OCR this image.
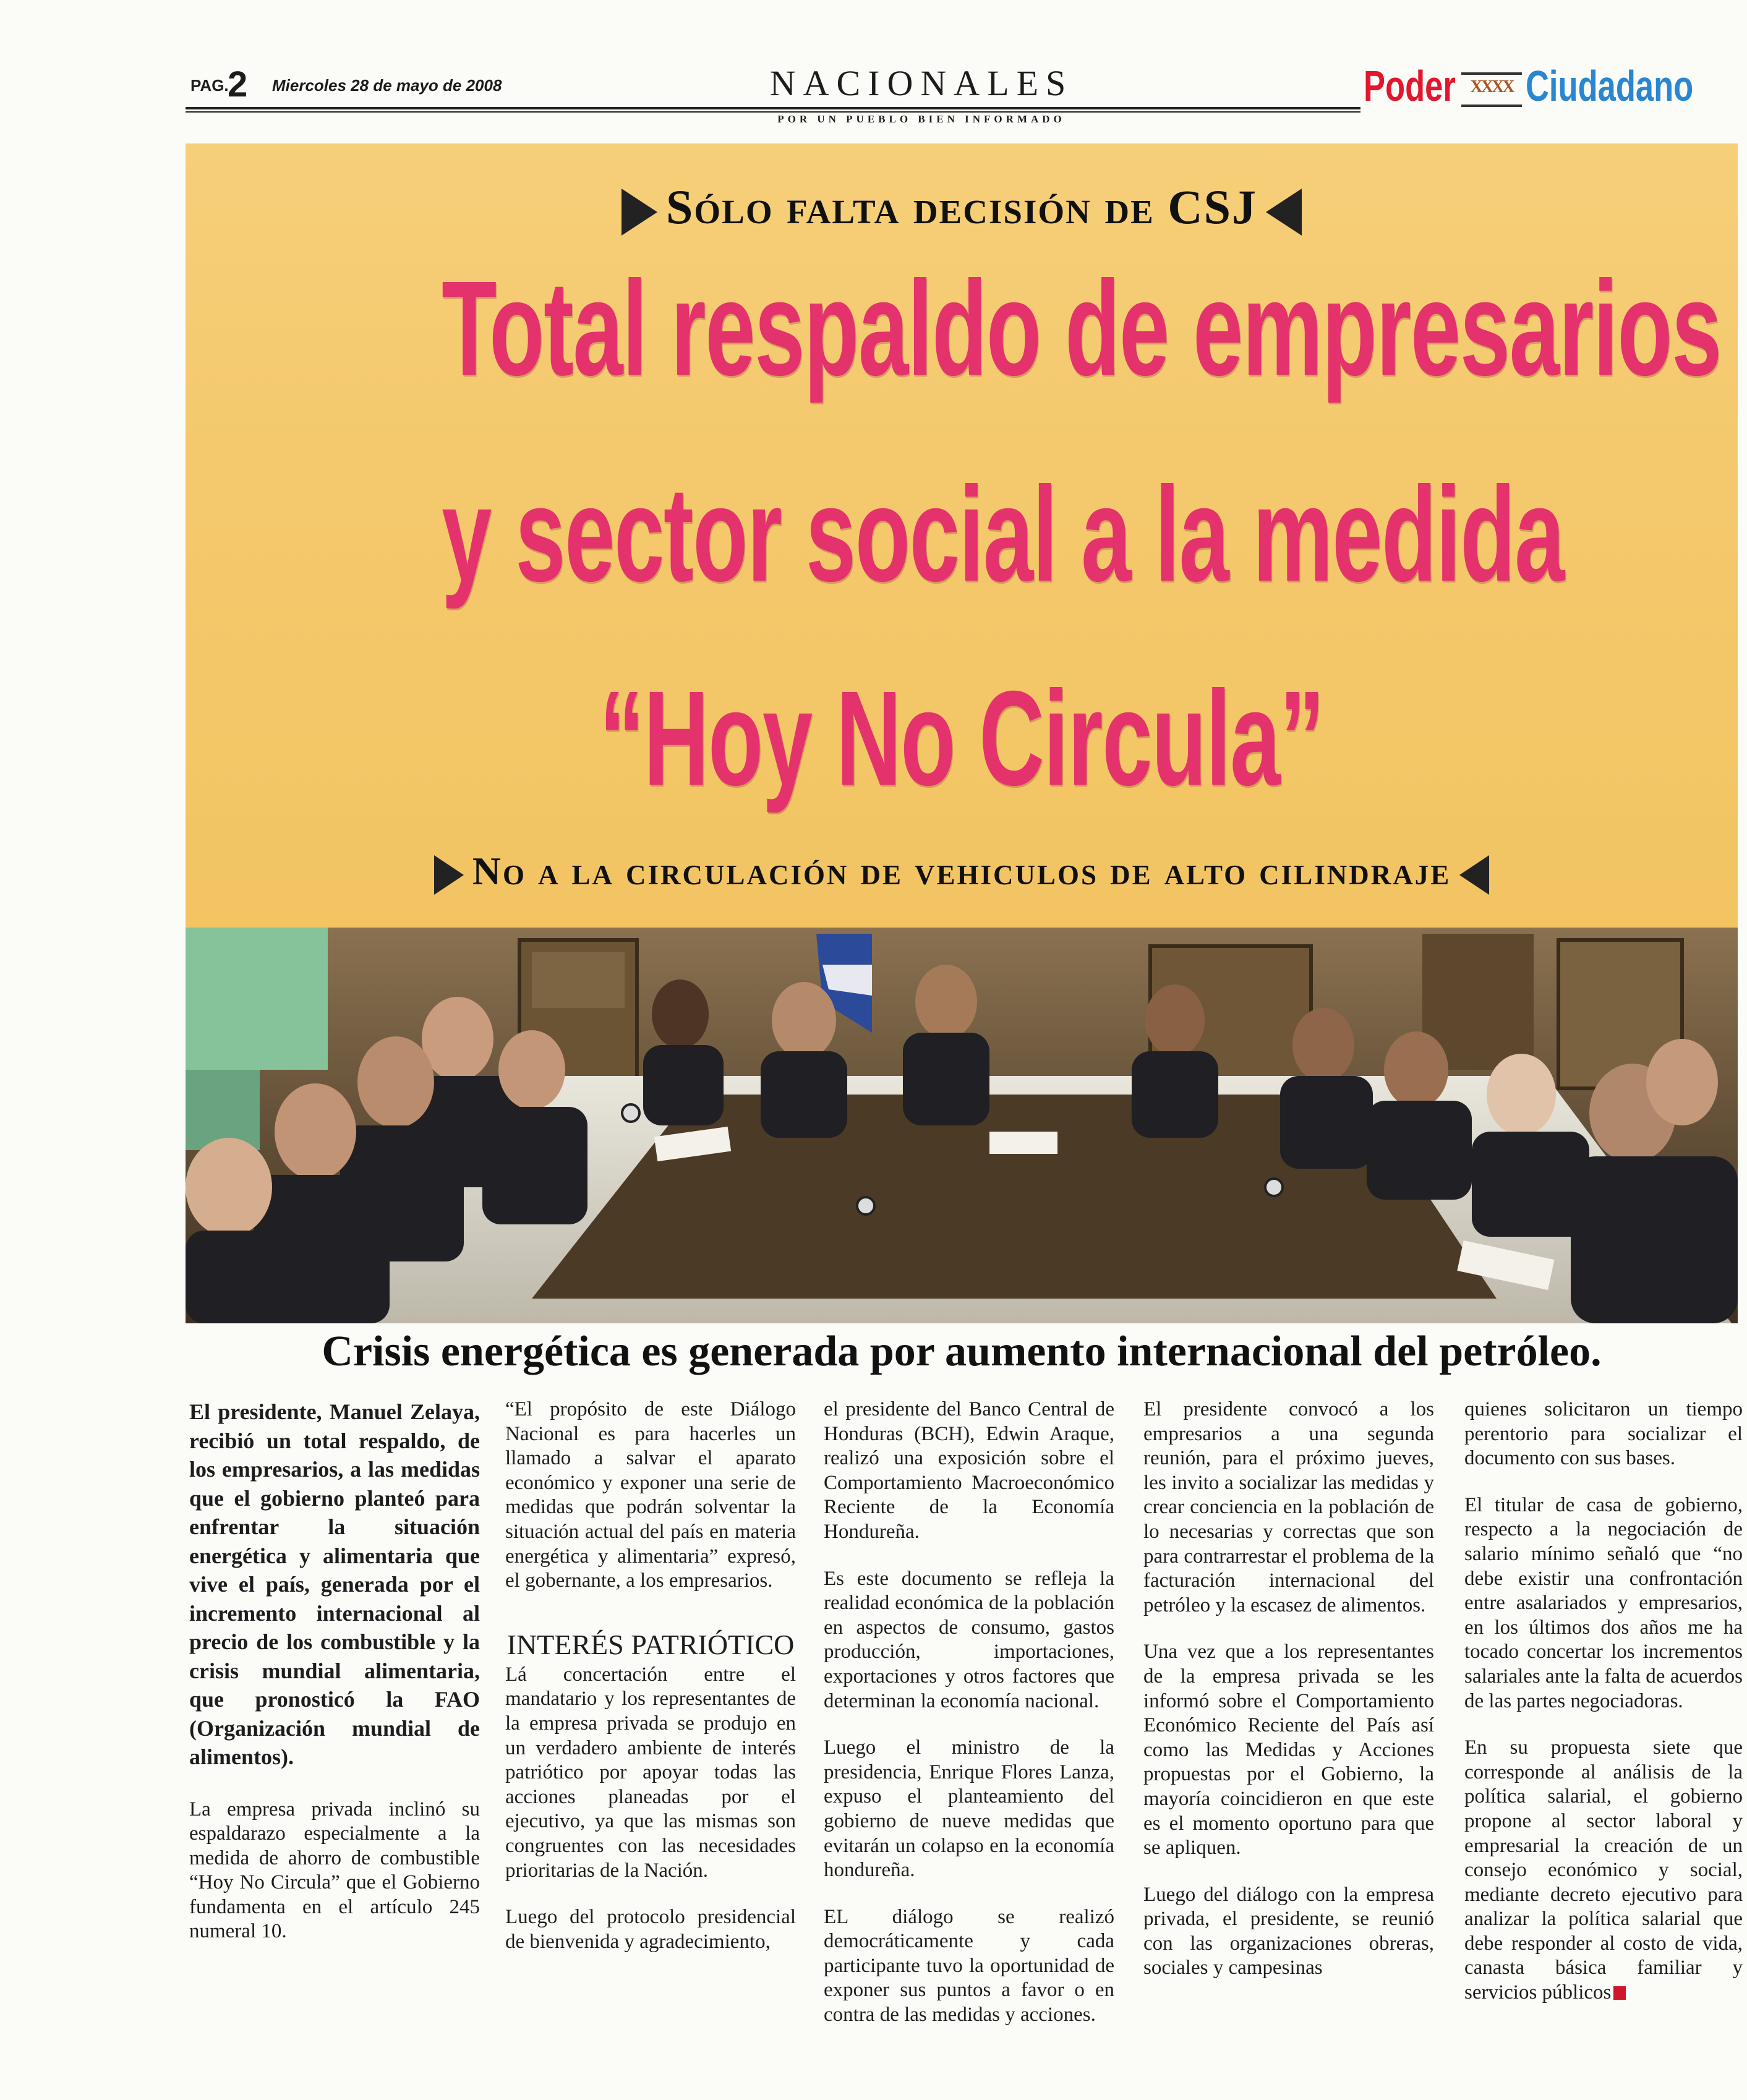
PAG.
2 Miercoles 28 de mayo de 2008	NACIONALES
POR UN PUEBLO BIEN INFORMADO
Poder XXXX Ciudadano
Sólo falta decisión de CSJ
Total respaldo de empresarios
y sector social a la medida
“Hoy No Circula”
No a la circulación de vehiculos de alto cilindraje
Crisis energética es generada por aumento internacional del petróleo.

El presidente, Manuel Zelaya, recibió un total respaldo, de los empresarios, a las medidas que el gobierno planteó para enfrentar la situación energética y alimentaria que vive el país, generada por el incremento internacional al precio de los combustible y la crisis mundial alimentaria, que pronosticó la FAO (Organización mundial de alimentos).

La empresa privada inclinó su espaldarazo especialmente a la medida de ahorro de combustible “Hoy No Circula” que el Gobierno fundamenta en el artículo 245 numeral 10.

“El propósito de este Diálogo Nacional es para hacerles un llamado a salvar el aparato económico y exponer una serie de medidas que podrán solventar la situación actual del país en materia energética y alimentaria” expresó, el gobernante, a los empresarios.

INTERÉS PATRIÓTICO

Lá concertación entre el mandatario y los representantes de la empresa privada se produjo en un verdadero ambiente de interés patriótico por apoyar todas las acciones planeadas por el ejecutivo, ya que las mismas son congruentes con las necesidades prioritarias de la Nación.

Luego del protocolo presidencial de bienvenida y agradecimiento,

el presidente del Banco Central de Honduras (BCH), Edwin Araque, realizó una exposición sobre el Comportamiento Macroeconómico Reciente de la Economía Hondureña.

Es este documento se refleja la realidad económica de la población en aspectos de consumo, gastos producción, importaciones, exportaciones y otros factores que determinan la economía nacional.

Luego el ministro de la presidencia, Enrique Flores Lanza, expuso el planteamiento del gobierno de nueve medidas que evitarán un colapso en la economía hondureña.

EL diálogo se realizó democráticamente y cada participante tuvo la oportunidad de exponer sus puntos a favor o en contra de las medidas y acciones.

El presidente convocó a los empresarios a una segunda reunión, para el próximo jueves, les invito a socializar las medidas y crear conciencia en la población de lo necesarias y correctas que son para contrarrestar el problema de la facturación internacional del petróleo y la escasez de alimentos.

Una vez que a los representantes de la empresa privada se les informó sobre el Comportamiento Económico Reciente del País así como las Medidas y Acciones propuestas por el Gobierno, la mayoría coincidieron en que este es el momento oportuno para que se apliquen.

Luego del diálogo con la empresa privada, el presidente, se reunió con las organizaciones obreras, sociales y campesinas

quienes solicitaron un tiempo perentorio para socializar el documento con sus bases.

El titular de casa de gobierno, respecto a la negociación de salario mínimo señaló que “no debe existir una confrontación entre asalariados y empresarios, en los últimos dos años me ha tocado concertar los incrementos salariales ante la falta de acuerdos de las partes negociadoras.

En su propuesta siete que corresponde al análisis de la política salarial, el gobierno propone al sector laboral y empresarial la creación de un consejo económico y social, mediante decreto ejecutivo para analizar la política salarial que debe responder al costo de vida, canasta básica familiar y servicios públicos
